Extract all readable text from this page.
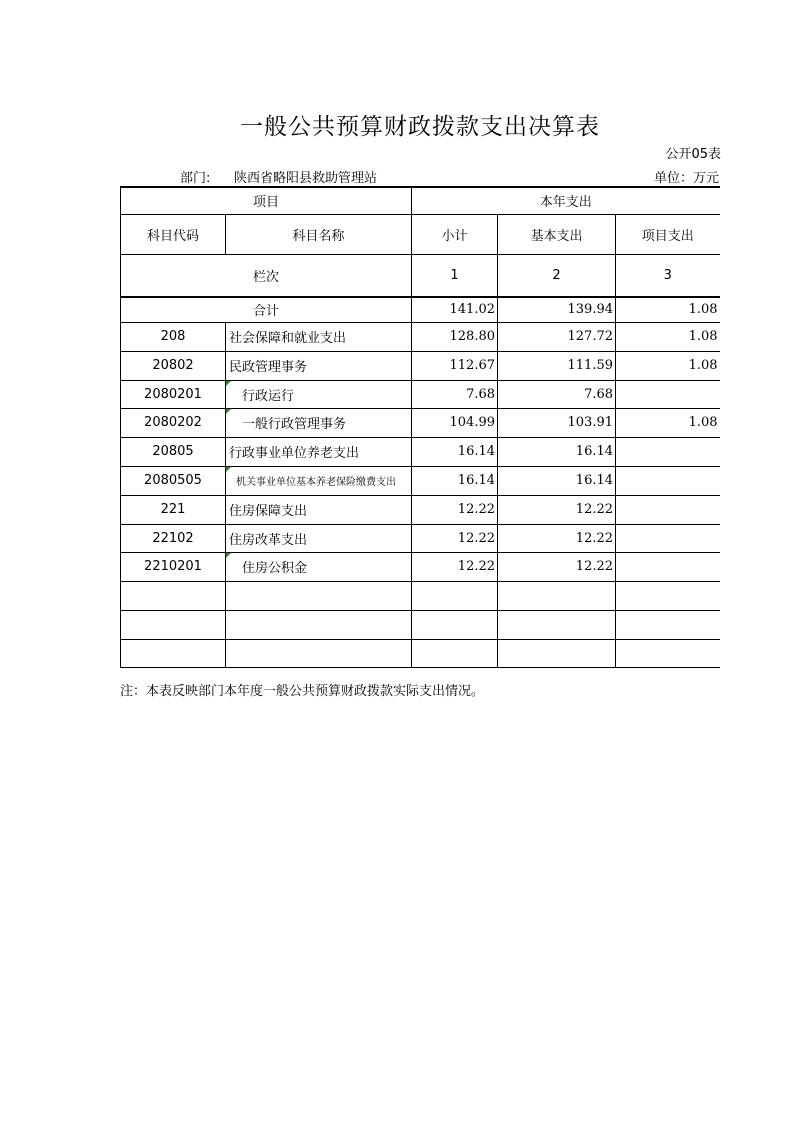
一般公共预算财政拨款支出决算表
公开05表
部门: 陕西省略阳县救助管理站	单位：万元
项目		本年支出		
科目代码	科目名称	小计	基本支出	项目支出
栏次		1	2	3
合计		141.02	139.94	1.08
208	社会保障和就业支出	128.80	127.72	1.08
20802	民政管理事务	112.67	111.59	1.08
2080201	行政运行	7.68	7.68	
2080202	一般行政管理事务	104.99	103.91	1.08
20805	行政事业单位养老支出	16.14	16.14	
2080505	机关事业单位基本养老保险缴费支出	16.14	16.14	
221	住房保障支出	12.22	12.22	
22102	住房改革支出	12.22	12.22	
2210201	住房公积金	12.22	12.22	

注：本表反映部门本年度一般公共预算财政拨款实际支出情况。
